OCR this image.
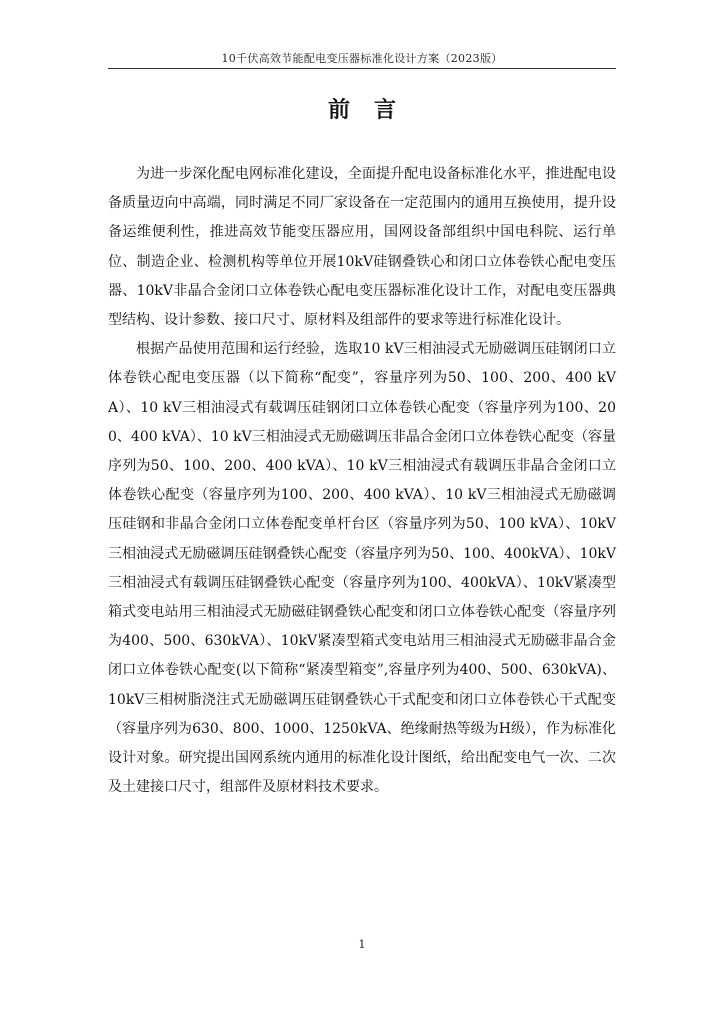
10千伏高效节能配电变压器标准化设计方案（2023版）
前言

为进一步深化配电网标准化建设，全面提升配电设备标准化水平，推进配电设备质量迈向中高端，同时满足不同厂家设备在一定范围内的通用互换使用，提升设备运维便利性，推进高效节能变压器应用，国网设备部组织中国电科院、运行单位、制造企业、检测机构等单位开展10kV硅钢叠铁心和闭口立体卷铁心配电变压器、10kV非晶合金闭口立体卷铁心配电变压器标准化设计工作，对配电变压器典型结构、设计参数、接口尺寸、原材料及组部件的要求等进行标准化设计。

根据产品使用范围和运行经验，选取10 kV三相油浸式无励磁调压硅钢闭口立体卷铁心配电变压器（以下简称“配变”，容量序列为50、100、200、400 kVA）、10 kV三相油浸式有载调压硅钢闭口立体卷铁心配变（容量序列为100、200、400 kVA）、10 kV三相油浸式无励磁调压非晶合金闭口立体卷铁心配变（容量序列为50、100、200、400 kVA）、10 kV三相油浸式有载调压非晶合金闭口立体卷铁心配变（容量序列为100、200、400 kVA）、10 kV三相油浸式无励磁调压硅钢和非晶合金闭口立体卷配变单杆台区（容量序列为50、100 kVA）、10kV三相油浸式无励磁调压硅钢叠铁心配变（容量序列为50、100、400kVA）、10kV三相油浸式有载调压硅钢叠铁心配变（容量序列为100、400kVA）、10kV紧凑型箱式变电站用三相油浸式无励磁硅钢叠铁心配变和闭口立体卷铁心配变（容量序列为400、500、630kVA）、10kV紧凑型箱式变电站用三相油浸式无励磁非晶合金闭口立体卷铁心配变(以下简称“紧凑型箱变”,容量序列为400、500、630kVA)、10kV三相树脂浇注式无励磁调压硅钢叠铁心干式配变和闭口立体卷铁心干式配变（容量序列为630、800、1000、1250kVA、绝缘耐热等级为H级），作为标准化设计对象。研究提出国网系统内通用的标准化设计图纸，给出配变电气一次、二次及土建接口尺寸，组部件及原材料技术要求。

1
